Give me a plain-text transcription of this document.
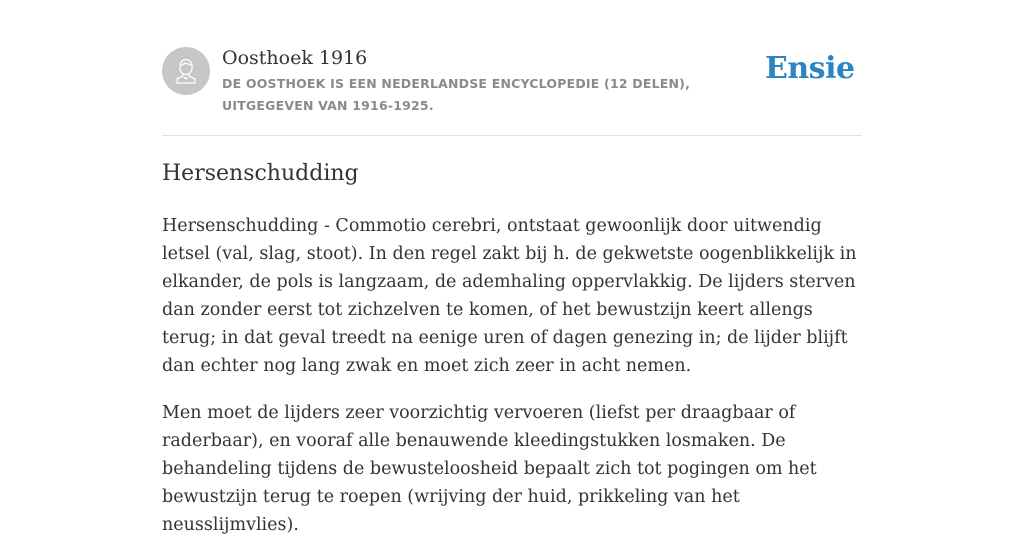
Oosthoek 1916
DE OOSTHOEK IS EEN NEDERLANDSE ENCYCLOPEDIE (12 DELEN), UITGEGEVEN VAN 1916-1925.
Ensie
Hersenschudding

Hersenschudding - Commotio cerebri, ontstaat gewoonlijk door uitwendig letsel (val, slag, stoot). In den regel zakt bij h. de gekwetste oogenblikkelijk in elkander, de pols is langzaam, de ademhaling oppervlakkig. De lijders sterven dan zonder eerst tot zichzelven te komen, of het bewustzijn keert allengs terug; in dat geval treedt na eenige uren of dagen genezing in; de lijder blijft dan echter nog lang zwak en moet zich zeer in acht nemen.

Men moet de lijders zeer voorzichtig vervoeren (liefst per draagbaar of raderbaar), en vooraf alle benauwende kleedingstukken losmaken. De behandeling tijdens de bewusteloosheid bepaalt zich tot pogingen om het bewustzijn terug te roepen (wrijving der huid, prikkeling van het neusslijmvlies).
